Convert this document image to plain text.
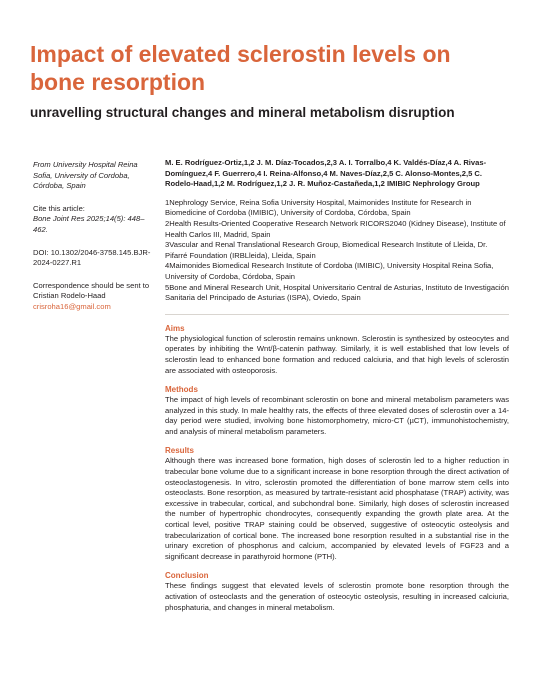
Impact of elevated sclerostin levels on bone resorption
unravelling structural changes and mineral metabolism disruption

From University Hospital Reina Sofia, University of Cordoba, Córdoba, Spain

Cite this article:

Bone Joint Res 2025;14(5): 448–462.

DOI: 10.1302/2046-3758.145.BJR-2024-0227.R1

Correspondence should be sent to Cristian Rodelo-Haad

crisroha16@gmail.com

M. E. Rodríguez-Ortiz,1,2 J. M. Díaz-Tocados,2,3 A. I. Torralbo,4 K. Valdés-Díaz,4 A. Rivas-Domínguez,4 F. Guerrero,4 I. Reina-Alfonso,4 M. Naves-Díaz,2,5 C. Alonso-Montes,2,5 C. Rodelo-Haad,1,2 M. Rodríguez,1,2 J. R. Muñoz-Castañeda,1,2 IMIBIC Nephrology Group

1Nephrology Service, Reina Sofia University Hospital, Maimonides Institute for Research in Biomedicine of Cordoba (IMIBIC), University of Cordoba, Córdoba, Spain

2Health Results-Oriented Cooperative Research Network RICORS2040 (Kidney Disease), Institute of Health Carlos III, Madrid, Spain

3Vascular and Renal Translational Research Group, Biomedical Research Institute of Lleida, Dr. Pifarré Foundation (IRBLleida), Lleida, Spain

4Maimonides Biomedical Research Institute of Cordoba (IMIBIC), University Hospital Reina Sofia, University of Cordoba, Córdoba, Spain

5Bone and Mineral Research Unit, Hospital Universitario Central de Asturias, Instituto de Investigación Sanitaria del Principado de Asturias (ISPA), Oviedo, Spain

Aims

The physiological function of sclerostin remains unknown. Sclerostin is synthesized by osteocytes and operates by inhibiting the Wnt/β-catenin pathway. Similarly, it is well established that low levels of sclerostin lead to enhanced bone formation and reduced calciuria, and that high levels of sclerostin are associated with osteoporosis.

Methods

The impact of high levels of recombinant sclerostin on bone and mineral metabolism parameters was analyzed in this study. In male healthy rats, the effects of three elevated doses of sclerostin over a 14-day period were studied, involving bone histomorphometry, micro-CT (µCT), immunohistochemistry, and analysis of mineral metabolism parameters.

Results

Although there was increased bone formation, high doses of sclerostin led to a higher reduction in trabecular bone volume due to a significant increase in bone resorption through the direct activation of osteoclastogenesis. In vitro, sclerostin promoted the differentiation of bone marrow stem cells into osteoclasts. Bone resorption, as measured by tartrate-resistant acid phosphatase (TRAP) activity, was excessive in trabecular, cortical, and subchondral bone. Similarly, high doses of sclerostin increased the number of hypertrophic chondrocytes, consequently expanding the growth plate area. At the cortical level, positive TRAP staining could be observed, suggestive of osteocytic osteolysis and trabecularization of cortical bone. The increased bone resorption resulted in a substantial rise in the urinary excretion of phosphorus and calcium, accompanied by elevated levels of FGF23 and a significant decrease in parathyroid hormone (PTH).

Conclusion

These findings suggest that elevated levels of sclerostin promote bone resorption through the activation of osteoclasts and the generation of osteocytic osteolysis, resulting in increased calciuria, phosphaturia, and changes in mineral metabolism.
